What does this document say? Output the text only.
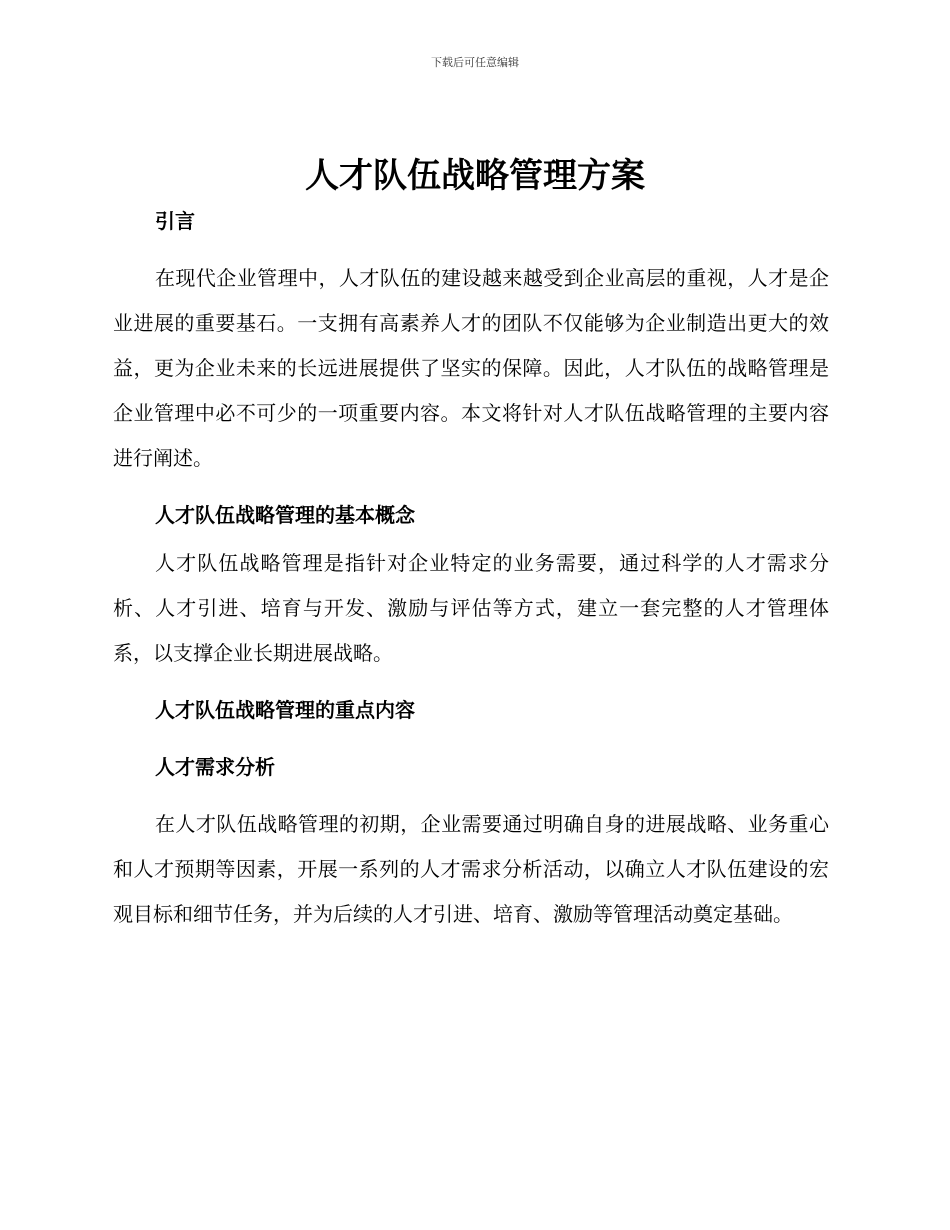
下载后可任意编辑
人才队伍战略管理方案
引言

在现代企业管理中，人才队伍的建设越来越受到企业高层的重视，人才是企业进展的重要基石。一支拥有高素养人才的团队不仅能够为企业制造出更大的效益，更为企业未来的长远进展提供了坚实的保障。因此，人才队伍的战略管理是企业管理中必不可少的一项重要内容。本文将针对人才队伍战略管理的主要内容进行阐述。

人才队伍战略管理的基本概念

人才队伍战略管理是指针对企业特定的业务需要，通过科学的人才需求分析、人才引进、培育与开发、激励与评估等方式，建立一套完整的人才管理体系，以支撑企业长期进展战略。

人才队伍战略管理的重点内容
人才需求分析

在人才队伍战略管理的初期，企业需要通过明确自身的进展战略、业务重心和人才预期等因素，开展一系列的人才需求分析活动，以确立人才队伍建设的宏观目标和细节任务，并为后续的人才引进、培育、激励等管理活动奠定基础。
